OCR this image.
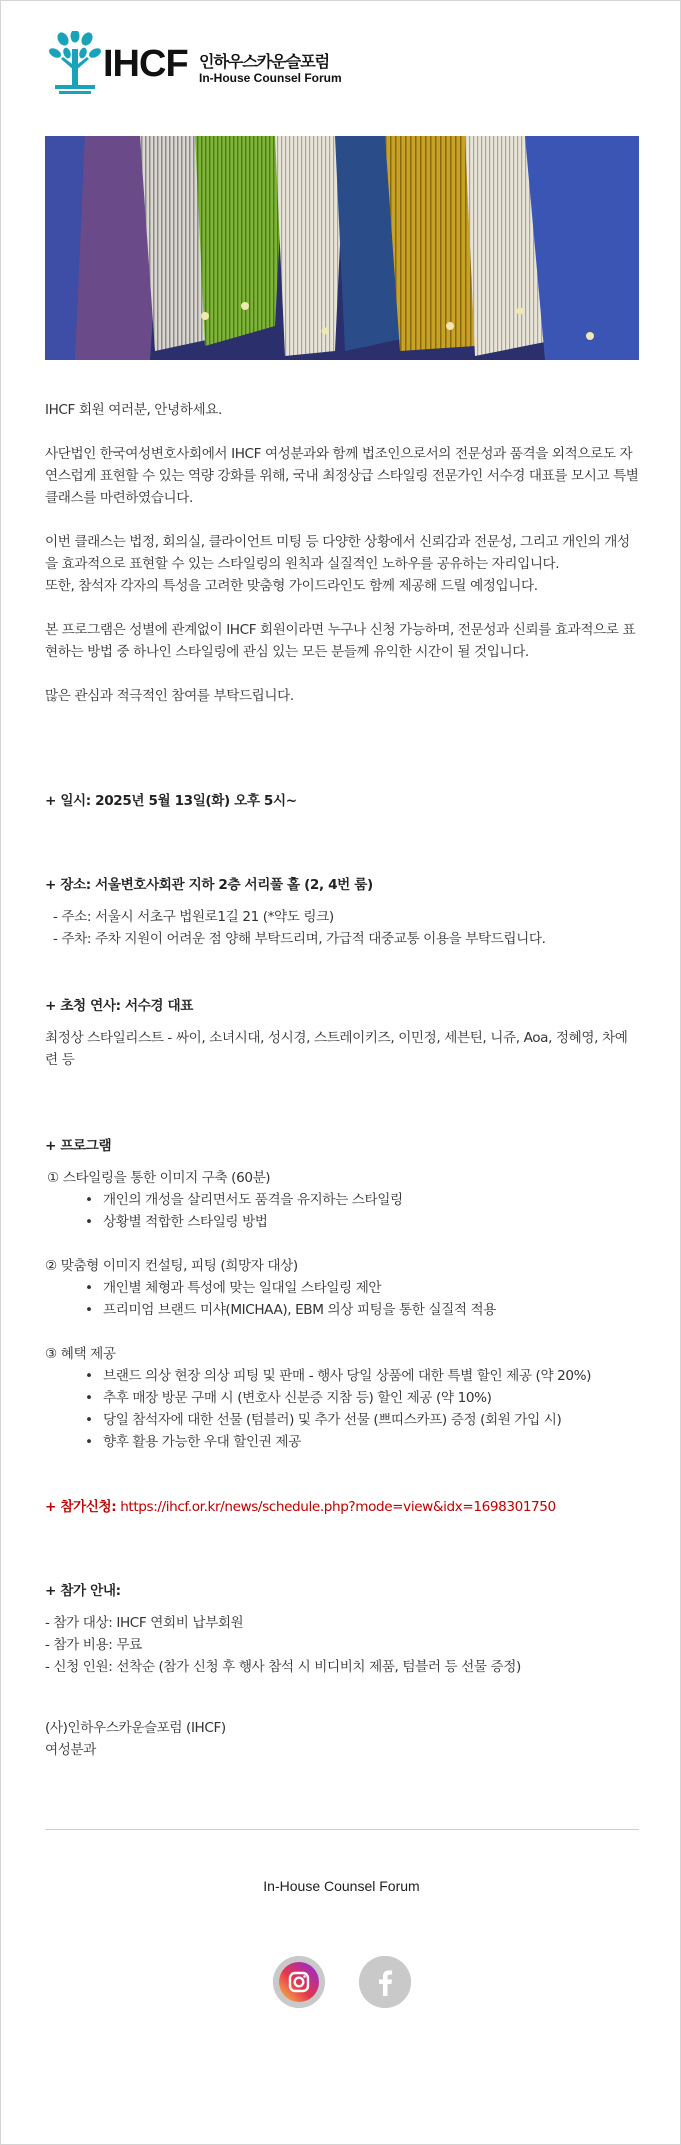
IHCF 인하우스카운슬포럼
In-House Counsel Forum

IHCF 회원 여러분, 안녕하세요.

사단법인 한국여성변호사회에서 IHCF 여성분과와 함께 법조인으로서의 전문성과 품격을 외적으로도 자연스럽게 표현할 수 있는 역량 강화를 위해, 국내 최정상급 스타일링 전문가인 서수경 대표를 모시고 특별 클래스를 마련하였습니다.

이번 클래스는 법정, 회의실, 클라이언트 미팅 등 다양한 상황에서 신뢰감과 전문성, 그리고 개인의 개성을 효과적으로 표현할 수 있는 스타일링의 원칙과 실질적인 노하우를 공유하는 자리입니다.

또한, 참석자 각자의 특성을 고려한 맞춤형 가이드라인도 함께 제공해 드릴 예정입니다.

본 프로그램은 성별에 관계없이 IHCF 회원이라면 누구나 신청 가능하며, 전문성과 신뢰를 효과적으로 표현하는 방법 중 하나인 스타일링에 관심 있는 모든 분들께 유익한 시간이 될 것입니다.

많은 관심과 적극적인 참여를 부탁드립니다.

+ 일시: 2025년 5월 13일(화) 오후 5시~

+ 장소: 서울변호사회관 지하 2층 서리풀 홀 (2, 4번 룸)

- 주소: 서울시 서초구 법원로1길 21 (*약도 링크)

- 주차: 주차 지원이 어려운 점 양해 부탁드리며, 가급적 대중교통 이용을 부탁드립니다.

+ 초청 연사: 서수경 대표

최정상 스타일리스트 - 싸이, 소녀시대, 성시경, 스트레이키즈, 이민정, 세븐틴, 니쥬, Aoa, 정혜영, 차예련 등

+ 프로그램

① 스타일링을 통한 이미지 구축 (60분)

• 개인의 개성을 살리면서도 품격을 유지하는 스타일링
• 상황별 적합한 스타일링 방법

② 맞춤형 이미지 컨설팅, 피팅 (희망자 대상)

• 개인별 체형과 특성에 맞는 일대일 스타일링 제안
• 프리미엄 브랜드 미샤(MICHAA), EBM 의상 피팅을 통한 실질적 적용

③ 혜택 제공

• 브랜드 의상 현장 의상 피팅 및 판매 - 행사 당일 상품에 대한 특별 할인 제공 (약 20%)
• 추후 매장 방문 구매 시 (변호사 신분증 지참 등) 할인 제공 (약 10%)
• 당일 참석자에 대한 선물 (텀블러) 및 추가 선물 (쁘띠스카프) 증정 (회원 가입 시)
• 향후 활용 가능한 우대 할인권 제공

+ 참가신청: https://ihcf.or.kr/news/schedule.php?mode=view&idx=1698301750

+ 참가 안내:

- 참가 대상: IHCF 연회비 납부회원

- 참가 비용: 무료

- 신청 인원: 선착순 (참가 신청 후 행사 참석 시 비디비치 제품, 텀블러 등 선물 증정)

(사)인하우스카운슬포럼 (IHCF)

여성분과

In-House Counsel Forum
